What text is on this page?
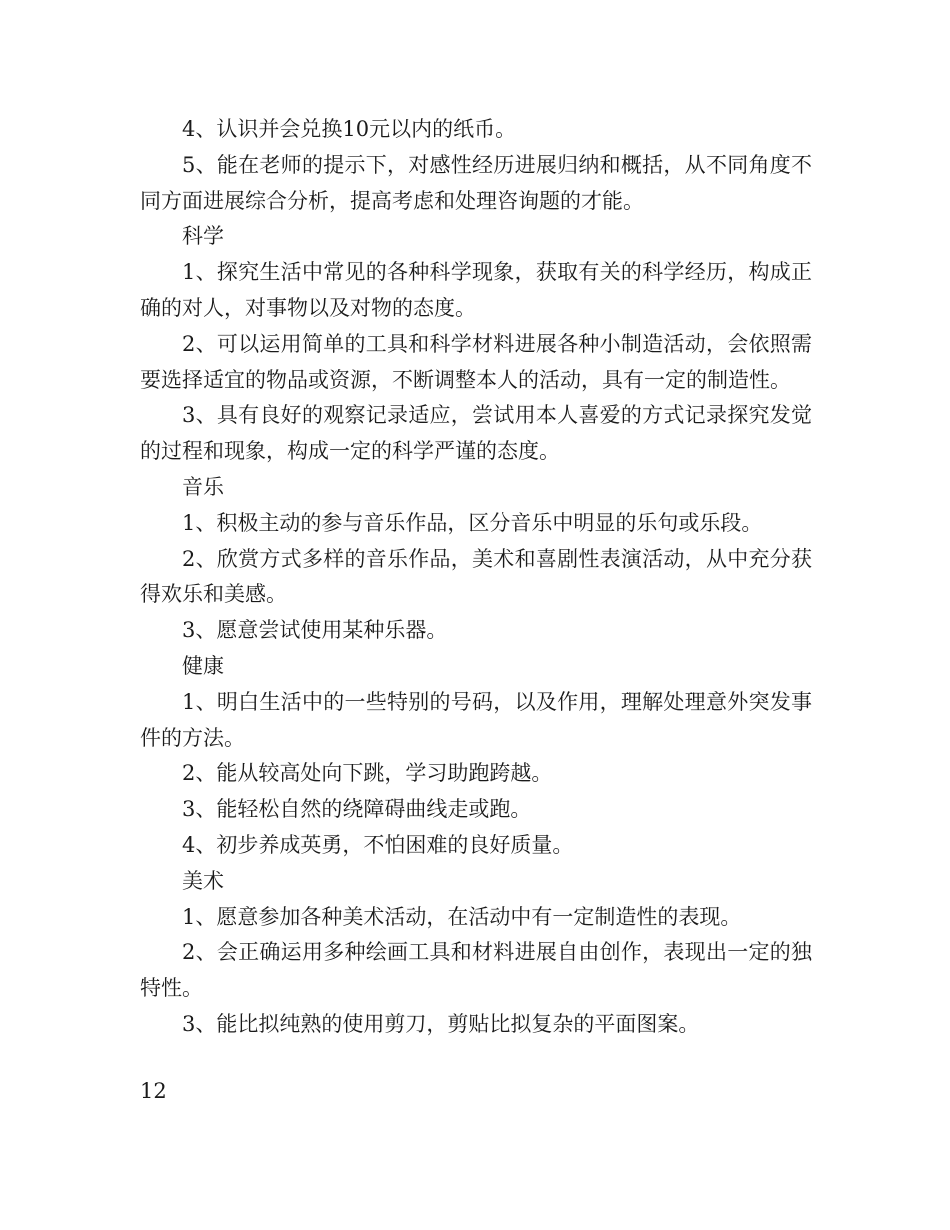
4、认识并会兑换10元以内的纸币。

5、能在老师的提示下，对感性经历进展归纳和概括，从不同角度不同方面进展综合分析，提高考虑和处理咨询题的才能。

科学

1、探究生活中常见的各种科学现象，获取有关的科学经历，构成正确的对人，对事物以及对物的态度。

2、可以运用简单的工具和科学材料进展各种小制造活动，会依照需要选择适宜的物品或资源，不断调整本人的活动，具有一定的制造性。

3、具有良好的观察记录适应，尝试用本人喜爱的方式记录探究发觉的过程和现象，构成一定的科学严谨的态度。

音乐

1、积极主动的参与音乐作品，区分音乐中明显的乐句或乐段。

2、欣赏方式多样的音乐作品，美术和喜剧性表演活动，从中充分获得欢乐和美感。

3、愿意尝试使用某种乐器。

健康

1、明白生活中的一些特别的号码，以及作用，理解处理意外突发事件的方法。

2、能从较高处向下跳，学习助跑跨越。

3、能轻松自然的绕障碍曲线走或跑。

4、初步养成英勇，不怕困难的良好质量。

美术

1、愿意参加各种美术活动，在活动中有一定制造性的表现。

2、会正确运用多种绘画工具和材料进展自由创作，表现出一定的独特性。

3、能比拟纯熟的使用剪刀，剪贴比拟复杂的平面图案。

12
